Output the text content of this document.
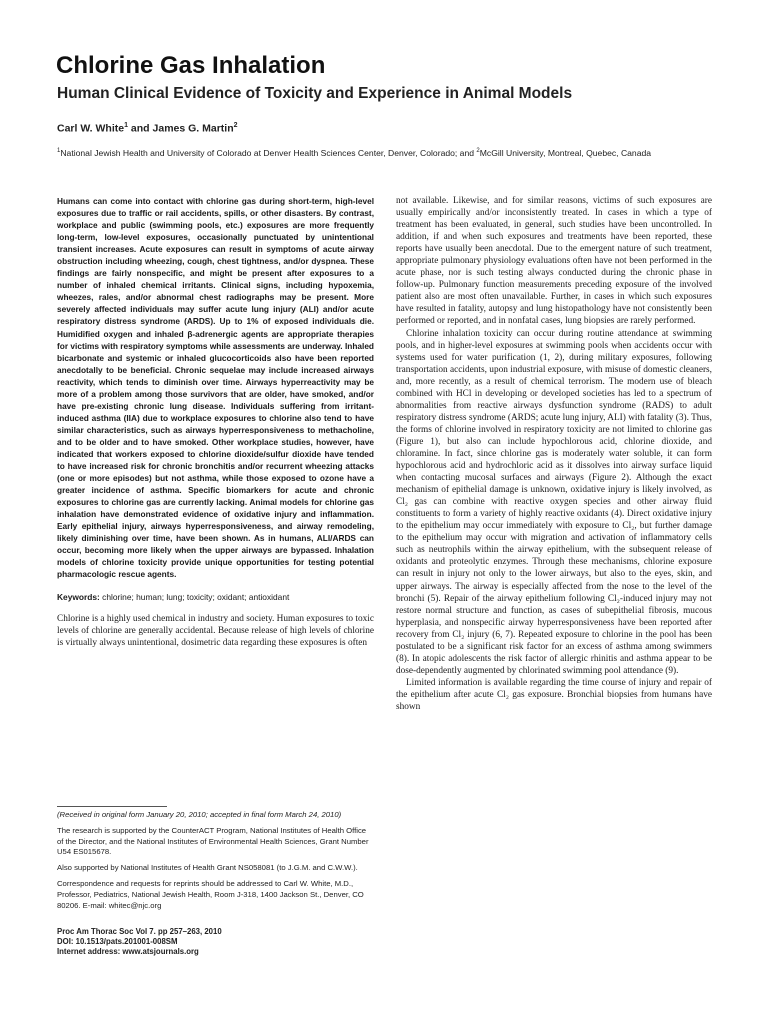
Chlorine Gas Inhalation
Human Clinical Evidence of Toxicity and Experience in Animal Models
Carl W. White$^1$ and James G. Martin$^2$
$^1$National Jewish Health and University of Colorado at Denver Health Sciences Center, Denver, Colorado; and $^2$McGill University, Montreal, Quebec, Canada

Humans can come into contact with chlorine gas during short-term, high-level exposures due to traffic or rail accidents, spills, or other disasters. By contrast, workplace and public (swimming pools, etc.) exposures are more frequently long-term, low-level exposures, occasionally punctuated by unintentional transient increases. Acute exposures can result in symptoms of acute airway obstruction including wheezing, cough, chest tightness, and/or dyspnea. These findings are fairly nonspecific, and might be present after exposures to a number of inhaled chemical irritants. Clinical signs, including hypoxemia, wheezes, rales, and/or abnormal chest radiographs may be present. More severely affected individuals may suffer acute lung injury (ALI) and/or acute respiratory distress syndrome (ARDS). Up to 1% of exposed individuals die. Humidified oxygen and inhaled β-adrenergic agents are appropriate therapies for victims with respiratory symptoms while assessments are underway. Inhaled bicarbonate and systemic or inhaled glucocorticoids also have been reported anecdotally to be beneficial. Chronic sequelae may include increased airways reactivity, which tends to diminish over time. Airways hyperreactivity may be more of a problem among those survivors that are older, have smoked, and/or have pre-existing chronic lung disease. Individuals suffering from irritant-induced asthma (IIA) due to workplace exposures to chlorine also tend to have similar characteristics, such as airways hyperresponsiveness to methacholine, and to be older and to have smoked. Other workplace studies, however, have indicated that workers exposed to chlorine dioxide/sulfur dioxide have tended to have increased risk for chronic bronchitis and/or recurrent wheezing attacks (one or more episodes) but not asthma, while those exposed to ozone have a greater incidence of asthma. Specific biomarkers for acute and chronic exposures to chlorine gas are currently lacking. Animal models for chlorine gas inhalation have demonstrated evidence of oxidative injury and inflammation. Early epithelial injury, airways hyperresponsiveness, and airway remodeling, likely diminishing over time, have been shown. As in humans, ALI/ARDS can occur, becoming more likely when the upper airways are bypassed. Inhalation models of chlorine toxicity provide unique opportunities for testing potential pharmacologic rescue agents.

Keywords: chlorine; human; lung; toxicity; oxidant; antioxidant

Chlorine is a highly used chemical in industry and society. Human exposures to toxic levels of chlorine are generally accidental. Because release of high levels of chlorine is virtually always unintentional, dosimetric data regarding these exposures is often

(Received in original form January 20, 2010; accepted in final form March 24, 2010)

The research is supported by the CounterACT Program, National Institutes of Health Office of the Director, and the National Institutes of Environmental Health Sciences, Grant Number U54 ES015678.

Also supported by National Institutes of Health Grant NS058081 (to J.G.M. and C.W.W.).

Correspondence and requests for reprints should be addressed to Carl W. White, M.D., Professor, Pediatrics, National Jewish Health, Room J-318, 1400 Jackson St., Denver, CO 80206. E-mail: whitec@njc.org

Proc Am Thorac Soc Vol 7. pp 257–263, 2010
DOI: 10.1513/pats.201001-008SM
Internet address: www.atsjournals.org

not available. Likewise, and for similar reasons, victims of such exposures are usually empirically and/or inconsistently treated. In cases in which a type of treatment has been evaluated, in general, such studies have been uncontrolled. In addition, if and when such exposures and treatments have been reported, these reports have usually been anecdotal. Due to the emergent nature of such treatment, appropriate pulmonary physiology evaluations often have not been performed in the acute phase, nor is such testing always conducted during the chronic phase in follow-up. Pulmonary function measurements preceding exposure of the involved patient also are most often unavailable. Further, in cases in which such exposures have resulted in fatality, autopsy and lung histopathology have not consistently been performed or reported, and in nonfatal cases, lung biopsies are rarely performed.

Chlorine inhalation toxicity can occur during routine attendance at swimming pools, and in higher-level exposures at swimming pools when accidents occur with systems used for water purification (1, 2), during military exposures, following transportation accidents, upon industrial exposure, with misuse of domestic cleaners, and, more recently, as a result of chemical terrorism. The modern use of bleach combined with HCl in developing or developed societies has led to a spectrum of abnormalities from reactive airways dysfunction syndrome (RADS) to adult respiratory distress syndrome (ARDS; acute lung injury, ALI) with fatality (3). Thus, the forms of chlorine involved in respiratory toxicity are not limited to chlorine gas (Figure 1), but also can include hypochlorous acid, chlorine dioxide, and chloramine. In fact, since chlorine gas is moderately water soluble, it can form hypochlorous acid and hydrochloric acid as it dissolves into airway surface liquid when contacting mucosal surfaces and airways (Figure 2). Although the exact mechanism of epithelial damage is unknown, oxidative injury is likely involved, as Cl₂ gas can combine with reactive oxygen species and other airway fluid constituents to form a variety of highly reactive oxidants (4). Direct oxidative injury to the epithelium may occur immediately with exposure to Cl₂, but further damage to the epithelium may occur with migration and activation of inflammatory cells such as neutrophils within the airway epithelium, with the subsequent release of oxidants and proteolytic enzymes. Through these mechanisms, chlorine exposure can result in injury not only to the lower airways, but also to the eyes, skin, and upper airways. The airway is especially affected from the nose to the level of the bronchi (5). Repair of the airway epithelium following Cl₂-induced injury may not restore normal structure and function, as cases of subepithelial fibrosis, mucous hyperplasia, and nonspecific airway hyperresponsiveness have been reported after recovery from Cl₂ injury (6, 7). Repeated exposure to chlorine in the pool has been postulated to be a significant risk factor for an excess of asthma among swimmers (8). In atopic adolescents the risk factor of allergic rhinitis and asthma appear to be dose-dependently augmented by chlorinated swimming pool attendance (9).

Limited information is available regarding the time course of injury and repair of the epithelium after acute Cl₂ gas exposure. Bronchial biopsies from humans have shown
